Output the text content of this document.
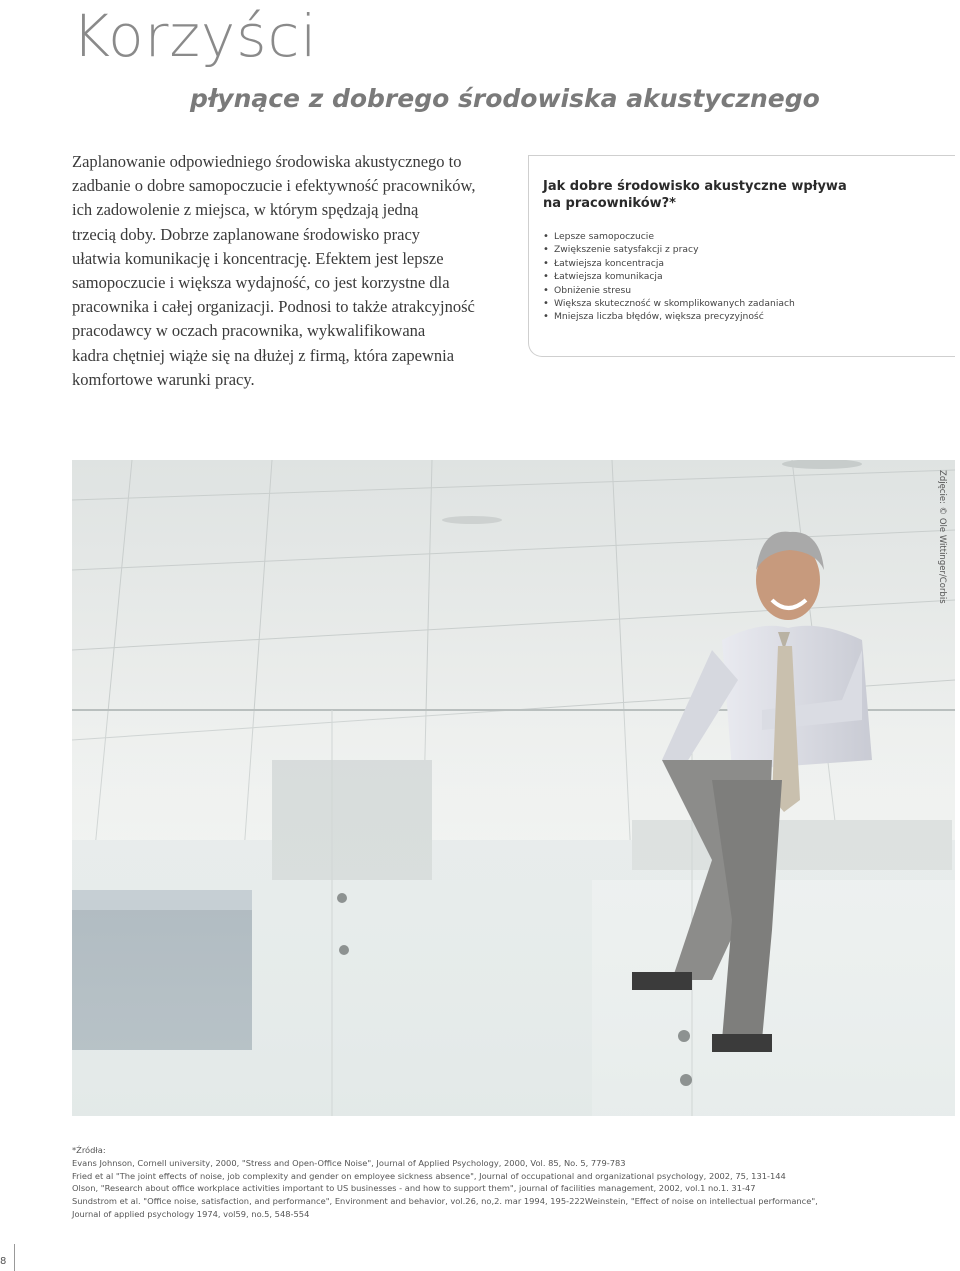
Korzyści
płynące z dobrego środowiska akustycznego

Zaplanowanie odpowiedniego środowiska akustycznego to
zadbanie o dobre samopoczucie i efektywność pracowników,
ich zadowolenie z miejsca, w którym spędzają jedną
trzecią doby. Dobrze zaplanowane środowisko pracy
ułatwia komunikację i koncentrację. Efektem jest lepsze
samopoczucie i większa wydajność, co jest korzystne dla
pracownika i całej organizacji. Podnosi to także atrakcyjność
pracodawcy w oczach pracownika, wykwalifikowana
kadra chętniej wiąże się na dłużej z firmą, która zapewnia
komfortowe warunki pracy.

Jak dobre środowisko akustyczne wpływa
na pracowników?*

• Lepsze samopoczucie
• Zwiększenie satysfakcji z pracy
• Łatwiejsza koncentracja
• Łatwiejsza komunikacja
• Obniżenie stresu
• Większa skuteczność w skomplikowanych zadaniach
• Mniejsza liczba błędów, większa precyzyjność
Zdjęcie: © Ole Wittinger/Corbis

*Źródła:
Evans Johnson, Cornell university, 2000, "Stress and Open-Office Noise", Journal of Applied Psychology, 2000, Vol. 85, No. 5, 779-783
Fried et al "The joint effects of noise, job complexity and gender on employee sickness absence", Journal of occupational and organizational psychology, 2002, 75, 131-144
Olson, "Research about office workplace activities important to US businesses - and how to support them", journal of facilities management, 2002, vol.1 no.1. 31-47
Sundstrom et al. "Office noise, satisfaction, and performance", Environment and behavior, vol.26, no,2. mar 1994, 195-222Weinstein, "Effect of noise on intellectual performance",
Journal of applied psychology 1974, vol59, no.5, 548-554

8
